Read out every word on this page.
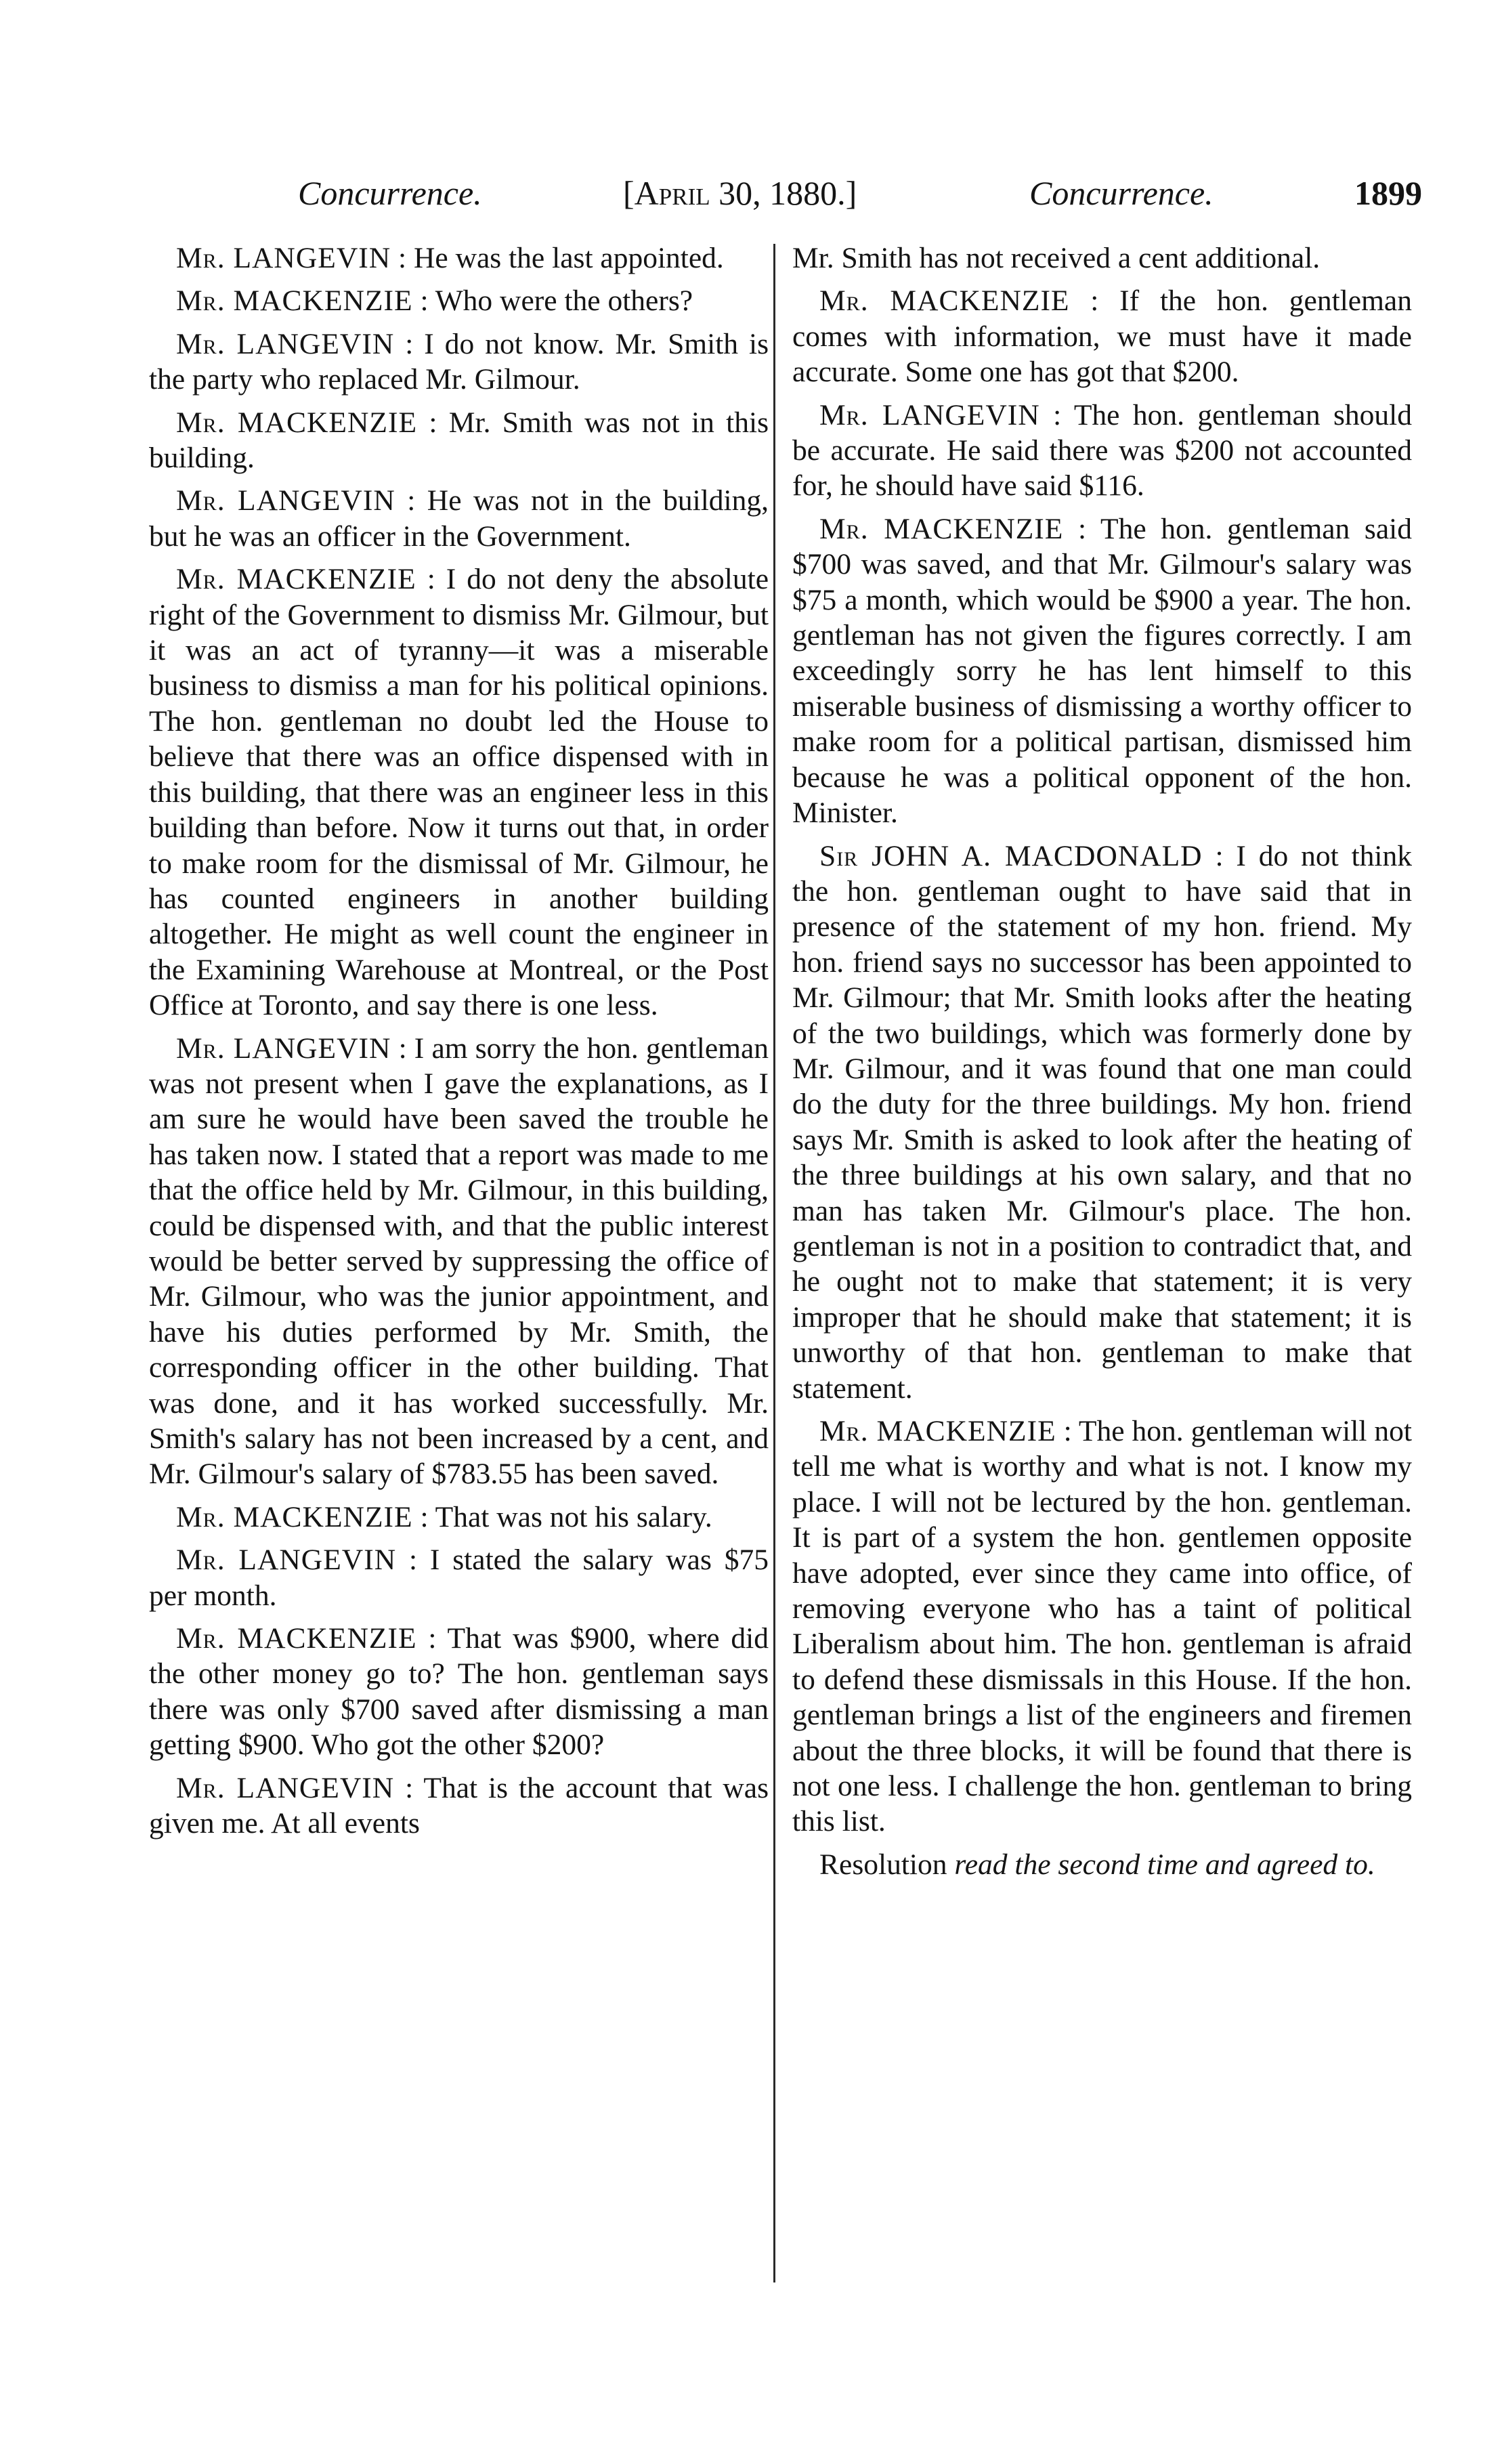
Concurrence.	[April 30, 1880.]	Concurrence.	1899

Mr. LANGEVIN : He was the last appointed.

Mr. MACKENZIE : Who were the others?

Mr. LANGEVIN : I do not know. Mr. Smith is the party who replaced Mr. Gilmour.

Mr. MACKENZIE : Mr. Smith was not in this building.

Mr. LANGEVIN : He was not in the building, but he was an officer in the Government.

Mr. MACKENZIE : I do not deny the absolute right of the Government to dismiss Mr. Gilmour, but it was an act of tyranny—it was a miserable business to dismiss a man for his political opinions. The hon. gentleman no doubt led the House to believe that there was an office dispensed with in this building, that there was an engineer less in this building than before. Now it turns out that, in order to make room for the dismissal of Mr. Gilmour, he has counted engineers in another building altogether. He might as well count the engineer in the Examining Warehouse at Montreal, or the Post Office at Toronto, and say there is one less.

Mr. LANGEVIN : I am sorry the hon. gentleman was not present when I gave the explanations, as I am sure he would have been saved the trouble he has taken now. I stated that a report was made to me that the office held by Mr. Gilmour, in this building, could be dispensed with, and that the public interest would be better served by suppressing the office of Mr. Gilmour, who was the junior appointment, and have his duties performed by Mr. Smith, the corresponding officer in the other building. That was done, and it has worked successfully. Mr. Smith's salary has not been increased by a cent, and Mr. Gilmour's salary of $783.55 has been saved.

Mr. MACKENZIE : That was not his salary.

Mr. LANGEVIN : I stated the salary was $75 per month.

Mr. MACKENZIE : That was $900, where did the other money go to? The hon. gentleman says there was only $700 saved after dismissing a man getting $900. Who got the other $200?

Mr. LANGEVIN : That is the account that was given me. At all events

Mr. Smith has not received a cent additional.

Mr. MACKENZIE : If the hon. gentleman comes with information, we must have it made accurate. Some one has got that $200.

Mr. LANGEVIN : The hon. gentleman should be accurate. He said there was $200 not accounted for, he should have said $116.

Mr. MACKENZIE : The hon. gentleman said $700 was saved, and that Mr. Gilmour's salary was $75 a month, which would be $900 a year. The hon. gentleman has not given the figures correctly. I am exceedingly sorry he has lent himself to this miserable business of dismissing a worthy officer to make room for a political partisan, dismissed him because he was a political opponent of the hon. Minister.

Sir JOHN A. MACDONALD : I do not think the hon. gentleman ought to have said that in presence of the statement of my hon. friend. My hon. friend says no successor has been appointed to Mr. Gilmour; that Mr. Smith looks after the heating of the two buildings, which was formerly done by Mr. Gilmour, and it was found that one man could do the duty for the three buildings. My hon. friend says Mr. Smith is asked to look after the heating of the three buildings at his own salary, and that no man has taken Mr. Gilmour's place. The hon. gentleman is not in a position to contradict that, and he ought not to make that statement; it is very improper that he should make that statement; it is unworthy of that hon. gentleman to make that statement.

Mr. MACKENZIE : The hon. gentleman will not tell me what is worthy and what is not. I know my place. I will not be lectured by the hon. gentleman. It is part of a system the hon. gentlemen opposite have adopted, ever since they came into office, of removing everyone who has a taint of political Liberalism about him. The hon. gentleman is afraid to defend these dismissals in this House. If the hon. gentleman brings a list of the engineers and firemen about the three blocks, it will be found that there is not one less. I challenge the hon. gentleman to bring this list.

Resolution read the second time and agreed to.
